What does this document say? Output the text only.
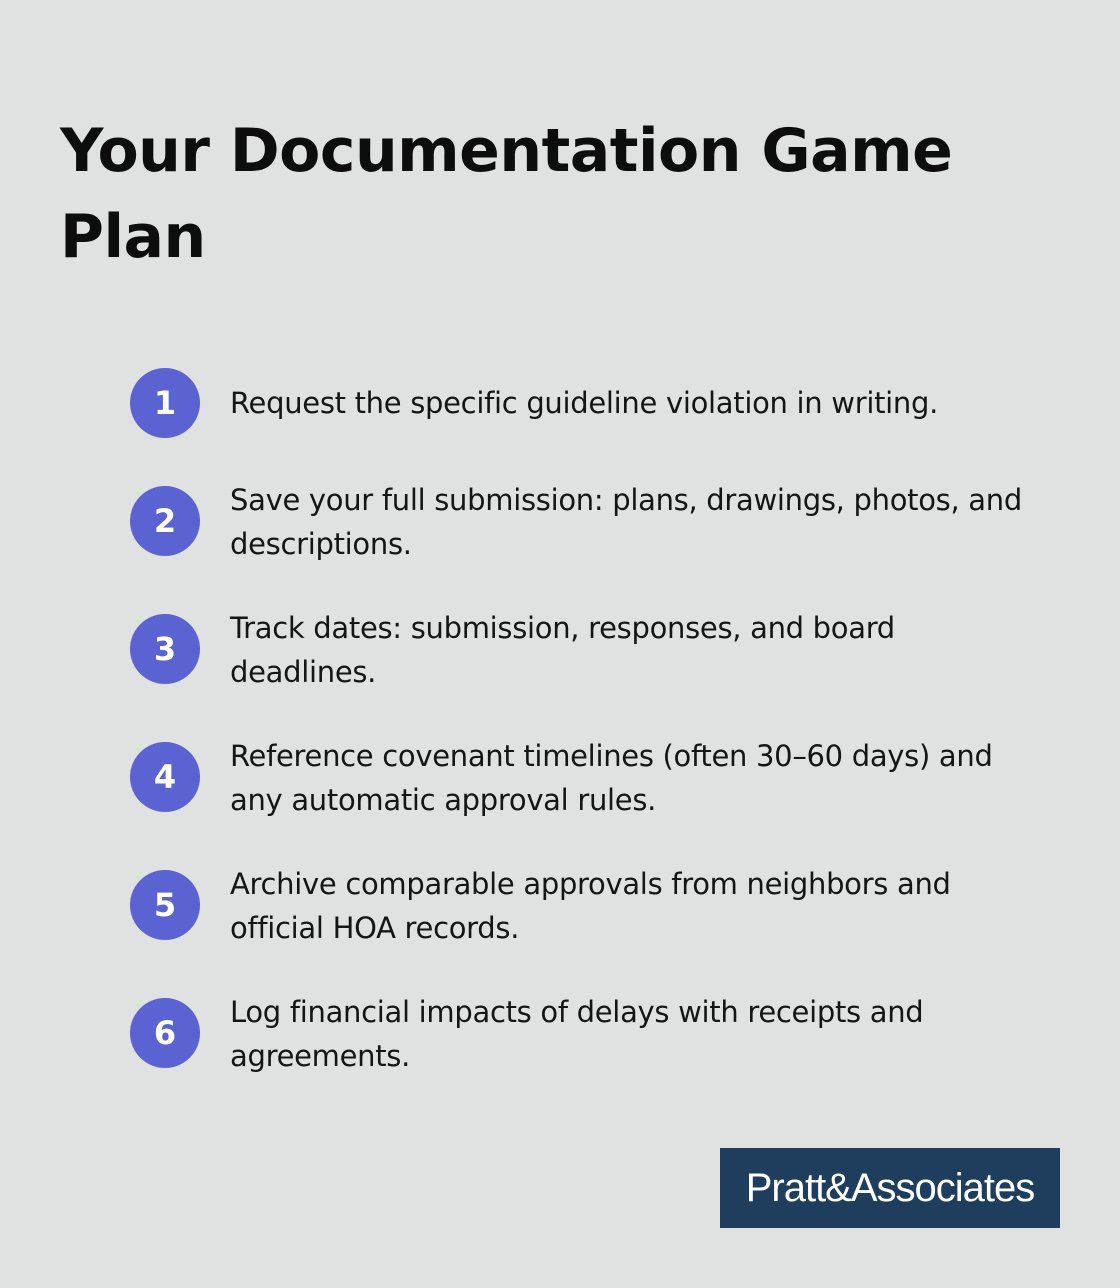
Your Documentation Game Plan
1	Request the specific guideline violation in writing.
2
Save your full submission: plans, drawings, photos, and descriptions.
3
Track dates: submission, responses, and board deadlines.
4
Reference covenant timelines (often 30–60 days) and any automatic approval rules.
5
Archive comparable approvals from neighbors and official HOA records.
6
Log financial impacts of delays with receipts and agreements.
Pratt&Associates
